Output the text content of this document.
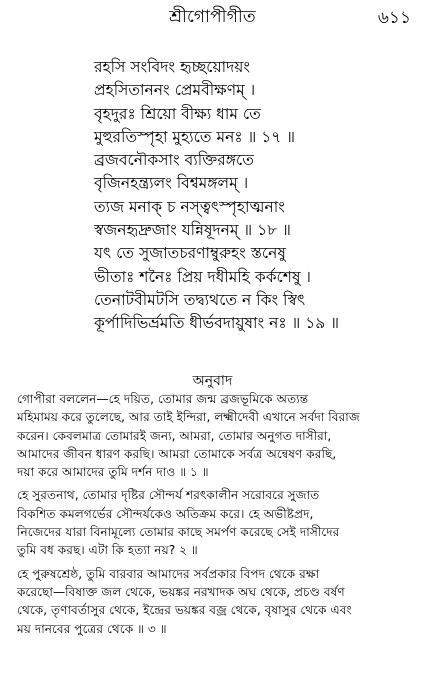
শ্রীগোপীগীত	৬১১
রহসি সংবিদং হৃচ্ছয়োদয়ং
প্রহসিতাননং প্রেমবীক্ষণম্ ।
বৃহদুরঃ শ্রিয়ো বীক্ষ্য ধাম তে
মুহুরতিস্পৃহা মুহ্যতে মনঃ ॥ ১৭ ॥
ব্রজবনৌকসাং ব্যক্তিরঙ্গতে
বৃজিনহন্ত্র্যলং বিশ্বমঙ্গলম্ ।
ত্যজ মনাক্‌ চ নস্ত্বৎস্পৃহাত্মনাং
স্বজনহৃদ্রুজাং যন্নিষূদনম্ ॥ ১৮ ॥
যৎ তে সুজাতচরণাম্বুরুহং স্তনেষু
ভীতাঃ শনৈঃ প্রিয় দধীমহি কর্কশেষু ।
তেনাটবীমটসি তদ্ব্যথতে ন কিং স্বিৎ
কূর্পাদিভির্ভ্রমতি ধীর্ভবদায়ুষাং নঃ ॥ ১৯ ॥
অনুবাদ
গোপীরা বললেন—হে দয়িত, তোমার জন্ম ব্রজভূমিকে অত্যন্ত
মহিমাময় করে তুলেছে, আর তাই ইন্দিরা, লক্ষ্মীদেবী এখানে সর্বদা বিরাজ
করেন। কেবলমাত্র তোমারই জন্য, আমরা, তোমার অনুগত দাসীরা,
আমাদের জীবন ধারণ করছি। আমরা তোমাকে সর্বত্র অন্বেষণ করছি,
দয়া করে আমাদের তুমি দর্শন দাও ॥ ১ ॥
হে সুরতনাথ, তোমার দৃষ্টির সৌন্দর্য শরৎকালীন সরোবরে সুজাত
বিকশিত কমলগর্ভের সৌন্দর্যকেও অতিক্রম করে। হে অভীষ্টপ্রদ,
নিজেদের যারা বিনামূল্যে তোমার কাছে সমর্পণ করেছে সেই দাসীদের
তুমি বধ করছ। এটা কি হত্যা নয়? ২ ॥
হে পুরুষশ্রেষ্ঠ, তুমি বারবার আমাদের সর্বপ্রকার বিপদ থেকে রক্ষা
করেছো—বিষাক্ত জল থেকে, ভয়ঙ্কর নরখাদক অঘ থেকে, প্রচণ্ড বর্ষণ
থেকে, তৃণাবর্তাসুর থেকে, ইন্দ্রের ভয়ঙ্কর বজ্র থেকে, বৃষাসুর থেকে এবং
ময় দানবের পুত্রের থেকে ॥ ৩ ॥
